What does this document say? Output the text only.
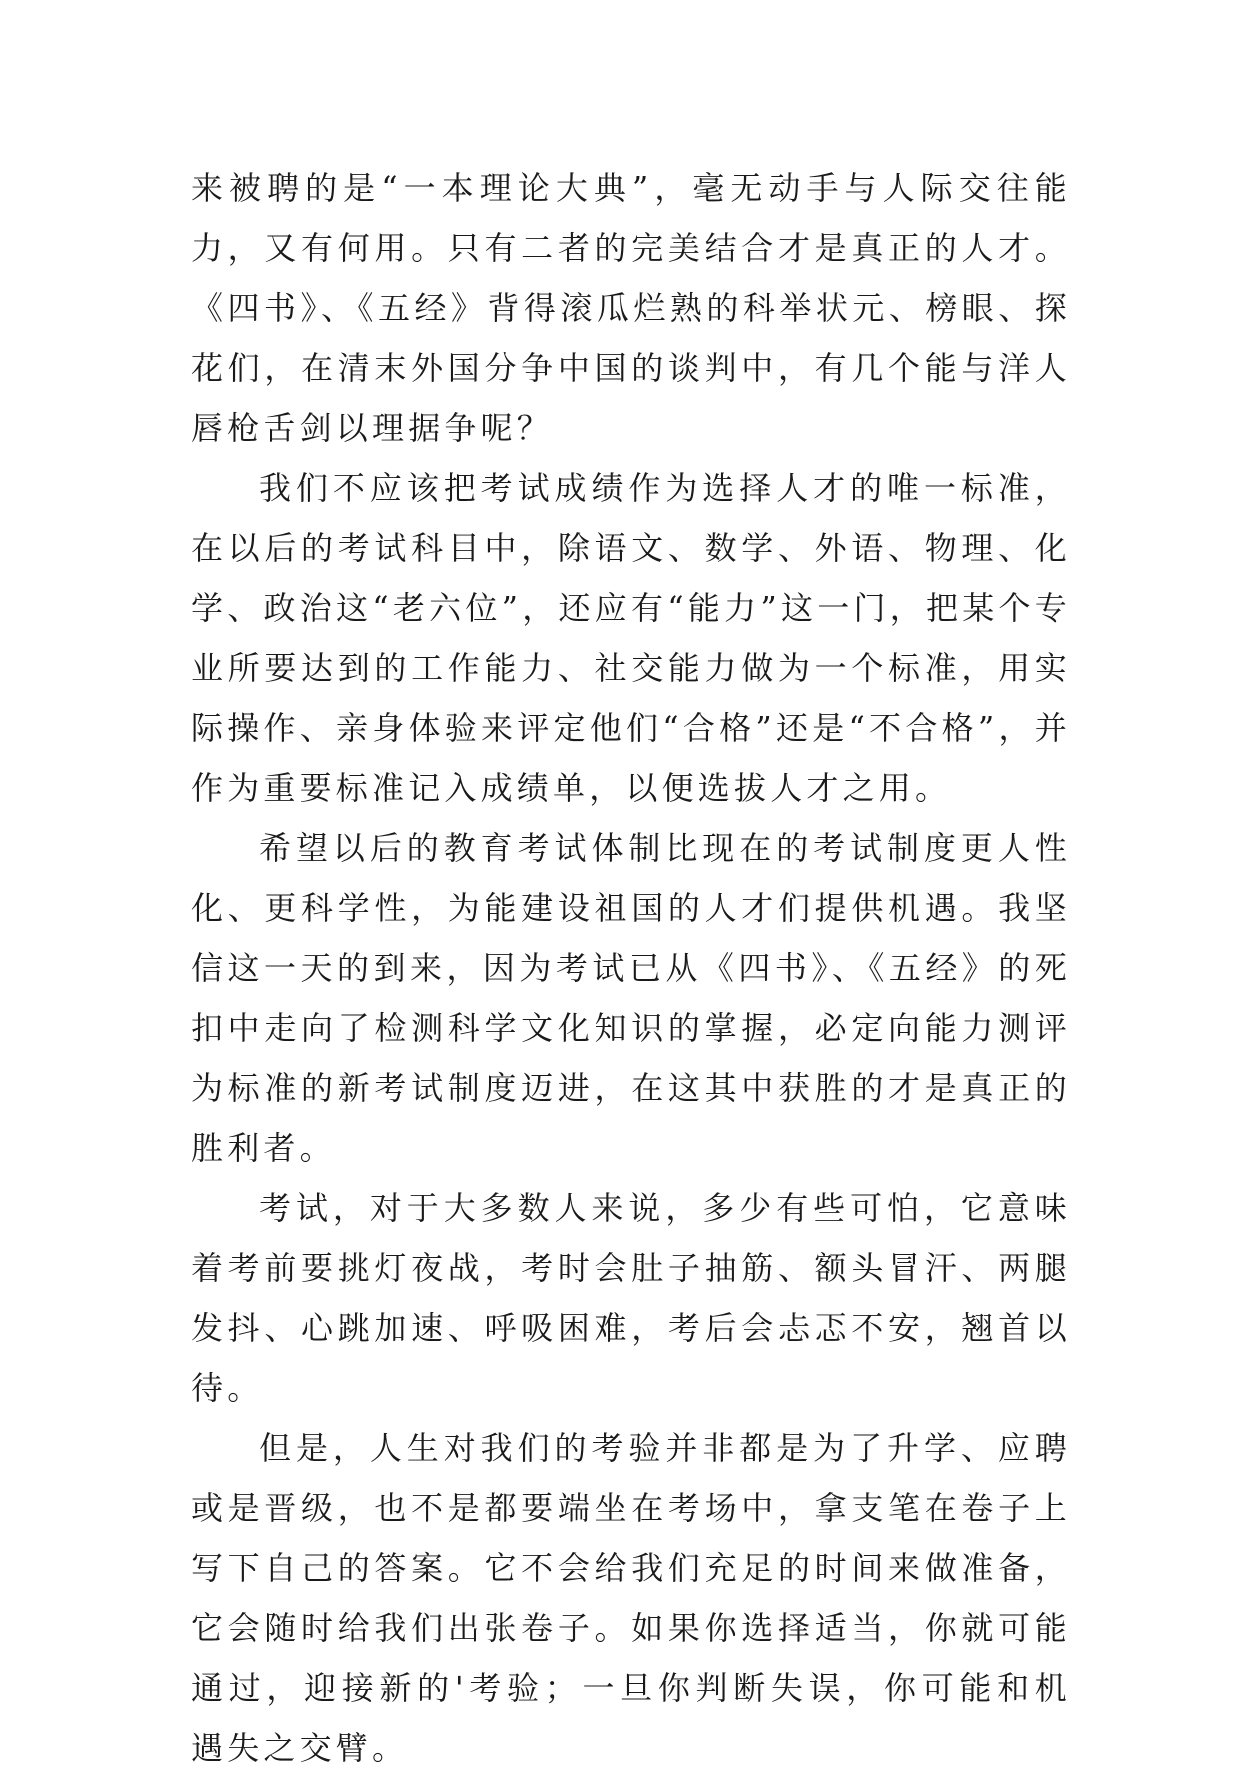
来被聘的是“一本理论大典”，毫无动手与人际交往能力，又有何用。只有二者的完美结合才是真正的人才。《四书》、《五经》背得滚瓜烂熟的科举状元、榜眼、探花们，在清末外国分争中国的谈判中，有几个能与洋人唇枪舌剑以理据争呢？

我们不应该把考试成绩作为选择人才的唯一标准，在以后的考试科目中，除语文、数学、外语、物理、化学、政治这“老六位”，还应有“能力”这一门，把某个专业所要达到的工作能力、社交能力做为一个标准，用实际操作、亲身体验来评定他们“合格”还是“不合格”，并作为重要标准记入成绩单，以便选拔人才之用。

希望以后的教育考试体制比现在的考试制度更人性化、更科学性，为能建设祖国的人才们提供机遇。我坚信这一天的到来，因为考试已从《四书》、《五经》的死扣中走向了检测科学文化知识的掌握，必定向能力测评为标准的新考试制度迈进，在这其中获胜的才是真正的胜利者。

考试，对于大多数人来说，多少有些可怕，它意味着考前要挑灯夜战，考时会肚子抽筋、额头冒汗、两腿发抖、心跳加速、呼吸困难，考后会忐忑不安，翘首以待。

但是，人生对我们的考验并非都是为了升学、应聘或是晋级，也不是都要端坐在考场中，拿支笔在卷子上写下自己的答案。它不会给我们充足的时间来做准备，它会随时给我们出张卷子。如果你选择适当，你就可能通过，迎接新的'考验；一旦你判断失误，你可能和机遇失之交臂。
